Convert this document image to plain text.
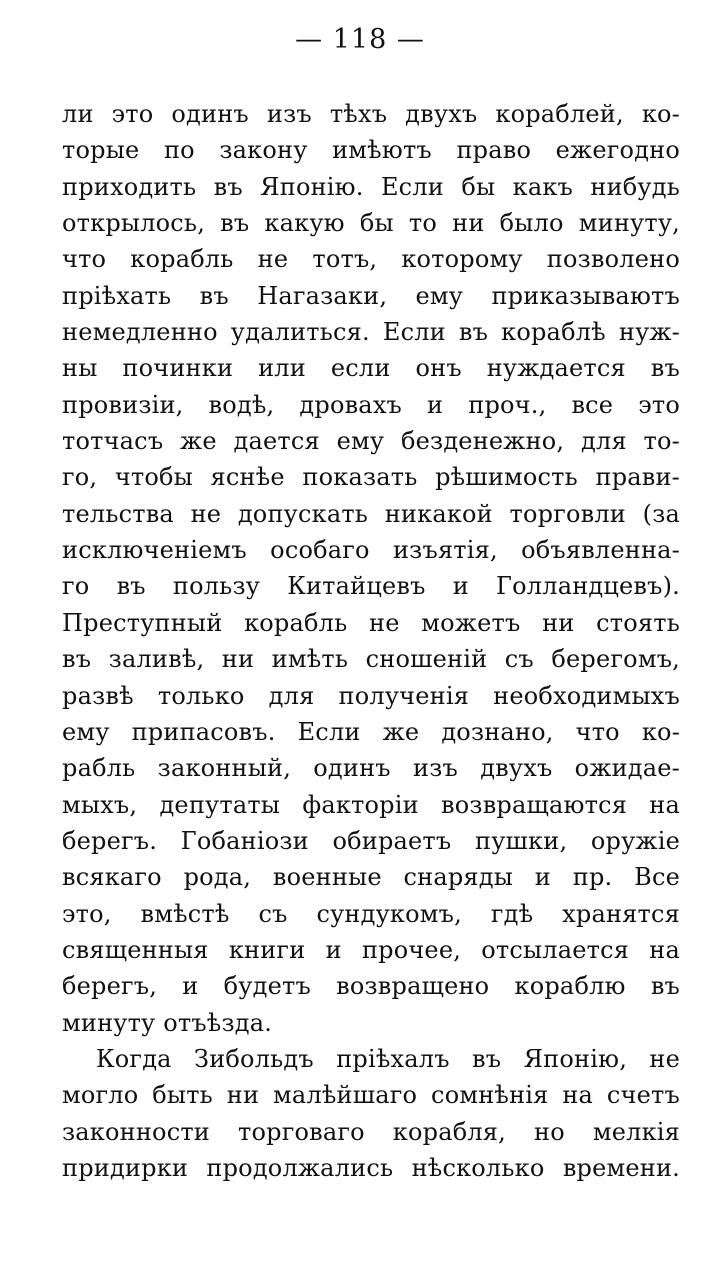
— 118 —
ли это одинъ изъ тѣхъ двухъ кораблей, ко-
торые по закону имѣютъ право ежегодно
приходить въ Японію. Если бы какъ нибудь
открылось, въ какую бы то ни было минуту,
что корабль не тотъ, которому позволено
пріѣхать въ Нагазаки, ему приказываютъ
немедленно удалиться. Если въ кораблѣ нуж-
ны починки или если онъ нуждается въ
провизіи, водѣ, дровахъ и проч., все это
тотчасъ же дается ему безденежно, для то-
го, чтобы яснѣе показать рѣшимость прави-
тельства не допускать никакой торговли (за
исключеніемъ особаго изъятія, объявленна-
го въ пользу Китайцевъ и Голландцевъ).
Преступный корабль не можетъ ни стоять
въ заливѣ, ни имѣть сношеній съ берегомъ,
развѣ только для полученія необходимыхъ
ему припасовъ. Если же дознано, что ко-
рабль законный, одинъ изъ двухъ ожидае-
мыхъ, депутаты факторіи возвращаются на
берегъ. Гобаніози обираетъ пушки, оружіе
всякаго рода, военные снаряды и пр. Все
это, вмѣстѣ съ сундукомъ, гдѣ хранятся
священныя книги и прочее, отсылается на
берегъ, и будетъ возвращено кораблю въ
минуту отъѣзда.
Когда Зибольдъ пріѣхалъ въ Японію, не
могло быть ни малѣйшаго сомнѣнія на счетъ
законности торговаго корабля, но мелкія
придирки продолжались нѣсколько времени.
